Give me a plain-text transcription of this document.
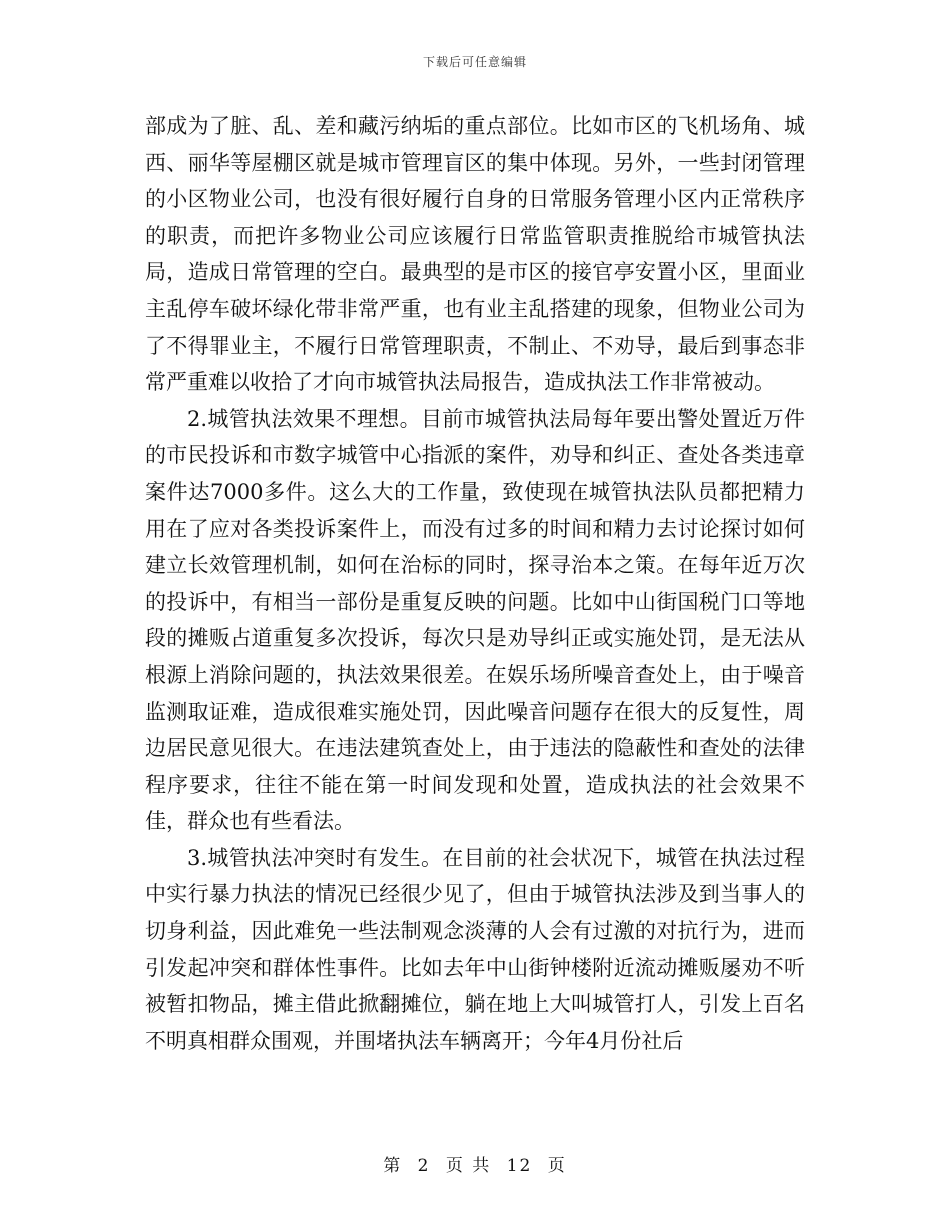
下载后可任意编辑

部成为了脏、乱、差和藏污纳垢的重点部位。比如市区的飞机场角、城西、丽华等屋棚区就是城市管理盲区的集中体现。另外，一些封闭管理的小区物业公司，也没有很好履行自身的日常服务管理小区内正常秩序的职责，而把许多物业公司应该履行日常监管职责推脱给市城管执法局，造成日常管理的空白。最典型的是市区的接官亭安置小区，里面业主乱停车破坏绿化带非常严重，也有业主乱搭建的现象，但物业公司为了不得罪业主，不履行日常管理职责，不制止、不劝导，最后到事态非常严重难以收拾了才向市城管执法局报告，造成执法工作非常被动。

2.城管执法效果不理想。目前市城管执法局每年要出警处置近万件的市民投诉和市数字城管中心指派的案件，劝导和纠正、查处各类违章案件达7000多件。这么大的工作量，致使现在城管执法队员都把精力用在了应对各类投诉案件上，而没有过多的时间和精力去讨论探讨如何建立长效管理机制，如何在治标的同时，探寻治本之策。在每年近万次的投诉中，有相当一部份是重复反映的问题。比如中山街国税门口等地段的摊贩占道重复多次投诉，每次只是劝导纠正或实施处罚，是无法从根源上消除问题的，执法效果很差。在娱乐场所噪音查处上，由于噪音监测取证难，造成很难实施处罚，因此噪音问题存在很大的反复性，周边居民意见很大。在违法建筑查处上，由于违法的隐蔽性和查处的法律程序要求，往往不能在第一时间发现和处置，造成执法的社会效果不佳，群众也有些看法。

3.城管执法冲突时有发生。在目前的社会状况下，城管在执法过程中实行暴力执法的情况已经很少见了，但由于城管执法涉及到当事人的切身利益，因此难免一些法制观念淡薄的人会有过激的对抗行为，进而引发起冲突和群体性事件。比如去年中山街钟楼附近流动摊贩屡劝不听被暂扣物品，摊主借此掀翻摊位，躺在地上大叫城管打人，引发上百名不明真相群众围观，并围堵执法车辆离开；今年4月份社后

第 2 页 共 12 页
